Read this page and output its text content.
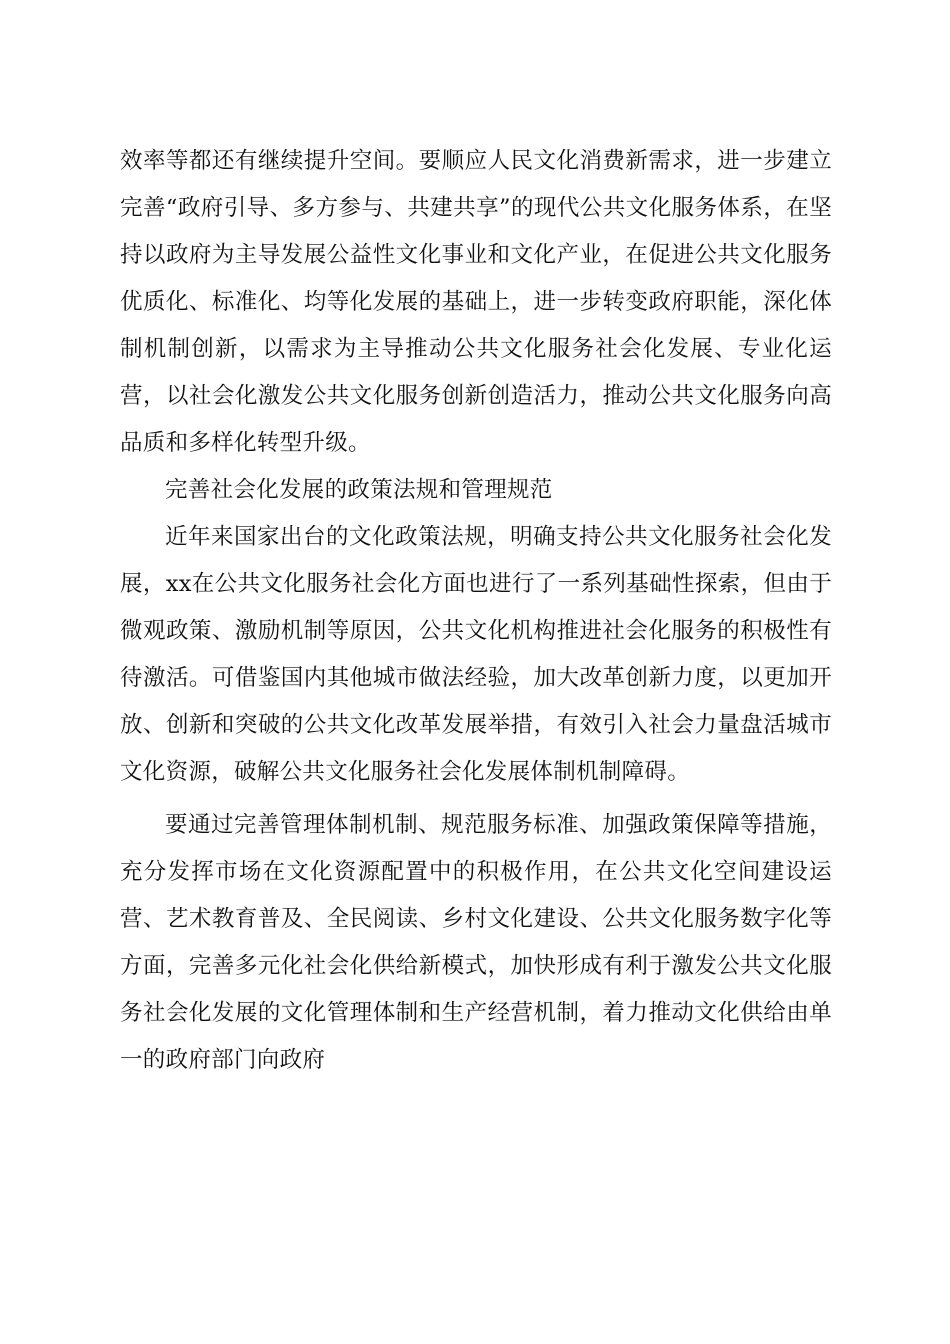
效率等都还有继续提升空间。要顺应人民文化消费新需求，进一步建立完善“政府引导、多方参与、共建共享”的现代公共文化服务体系，在坚持以政府为主导发展公益性文化事业和文化产业，在促进公共文化服务优质化、标准化、均等化发展的基础上，进一步转变政府职能，深化体制机制创新，以需求为主导推动公共文化服务社会化发展、专业化运营，以社会化激发公共文化服务创新创造活力，推动公共文化服务向高品质和多样化转型升级。

完善社会化发展的政策法规和管理规范

近年来国家出台的文化政策法规，明确支持公共文化服务社会化发展，xx在公共文化服务社会化方面也进行了一系列基础性探索，但由于微观政策、激励机制等原因，公共文化机构推进社会化服务的积极性有待激活。可借鉴国内其他城市做法经验，加大改革创新力度，以更加开放、创新和突破的公共文化改革发展举措，有效引入社会力量盘活城市文化资源，破解公共文化服务社会化发展体制机制障碍。

要通过完善管理体制机制、规范服务标准、加强政策保障等措施，充分发挥市场在文化资源配置中的积极作用，在公共文化空间建设运营、艺术教育普及、全民阅读、乡村文化建设、公共文化服务数字化等方面，完善多元化社会化供给新模式，加快形成有利于激发公共文化服务社会化发展的文化管理体制和生产经营机制，着力推动文化供给由单一的政府部门向政府
